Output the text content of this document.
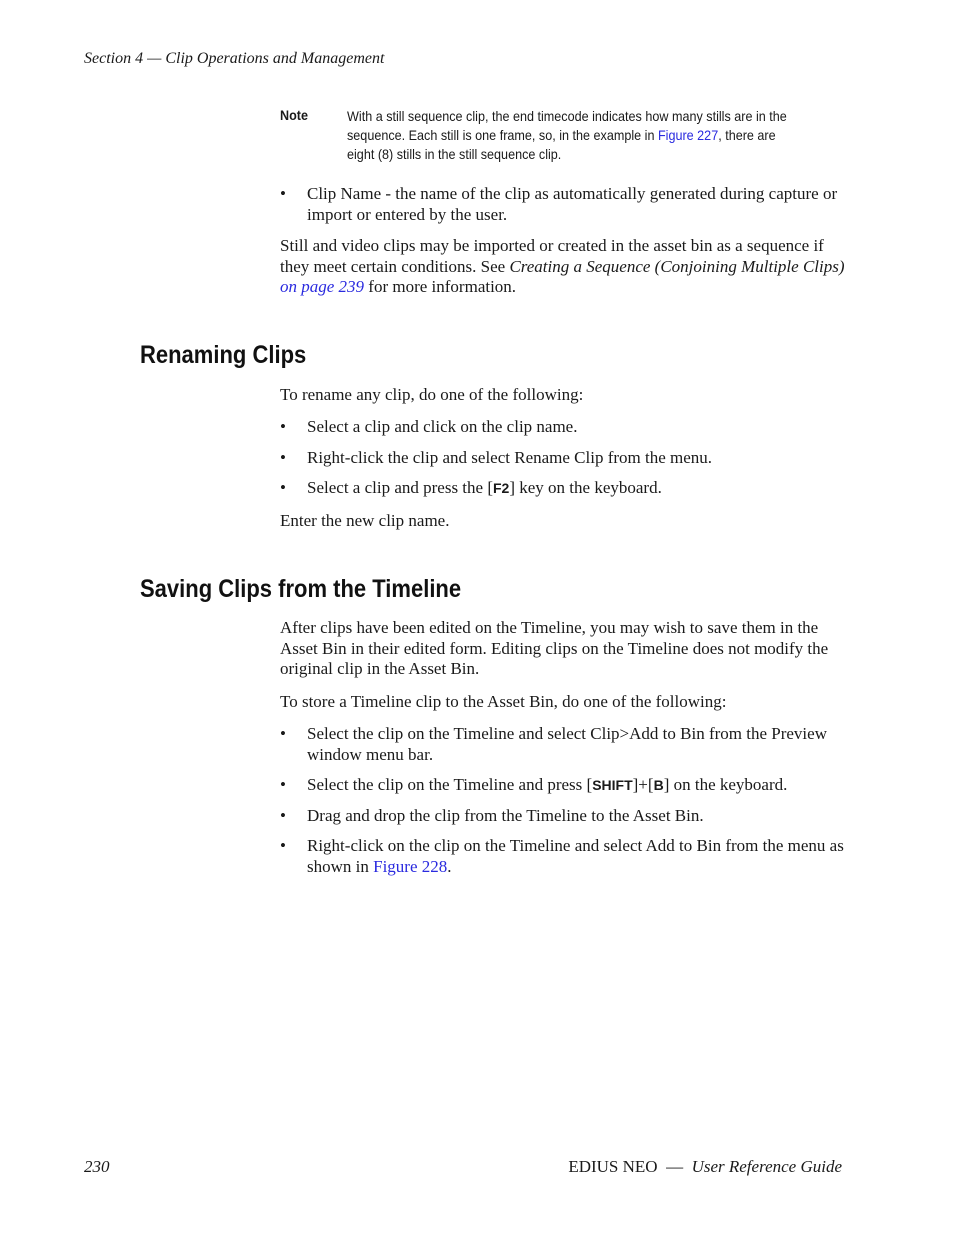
Section 4 — Clip Operations and Management
Note	With a still sequence clip, the end timecode indicates how many stills are in the sequence. Each still is one frame, so, in the example in Figure 227, there are eight (8) stills in the still sequence clip.
• Clip Name - the name of the clip as automatically generated during capture or import or entered by the user.
Still and video clips may be imported or created in the asset bin as a sequence if they meet certain conditions. See Creating a Sequence (Conjoining Multiple Clips) on page 239 for more information.
Renaming Clips
To rename any clip, do one of the following:
• Select a clip and click on the clip name.
• Right-click the clip and select Rename Clip from the menu.
• Select a clip and press the [F2] key on the keyboard.
Enter the new clip name.
Saving Clips from the Timeline
After clips have been edited on the Timeline, you may wish to save them in the Asset Bin in their edited form. Editing clips on the Timeline does not modify the original clip in the Asset Bin.
To store a Timeline clip to the Asset Bin, do one of the following:
• Select the clip on the Timeline and select Clip>Add to Bin from the Preview window menu bar.
• Select the clip on the Timeline and press [SHIFT]+[B] on the keyboard.
• Drag and drop the clip from the Timeline to the Asset Bin.
• Right-click on the clip on the Timeline and select Add to Bin from the menu as shown in Figure 228.
230	EDIUS NEO — User Reference Guide
